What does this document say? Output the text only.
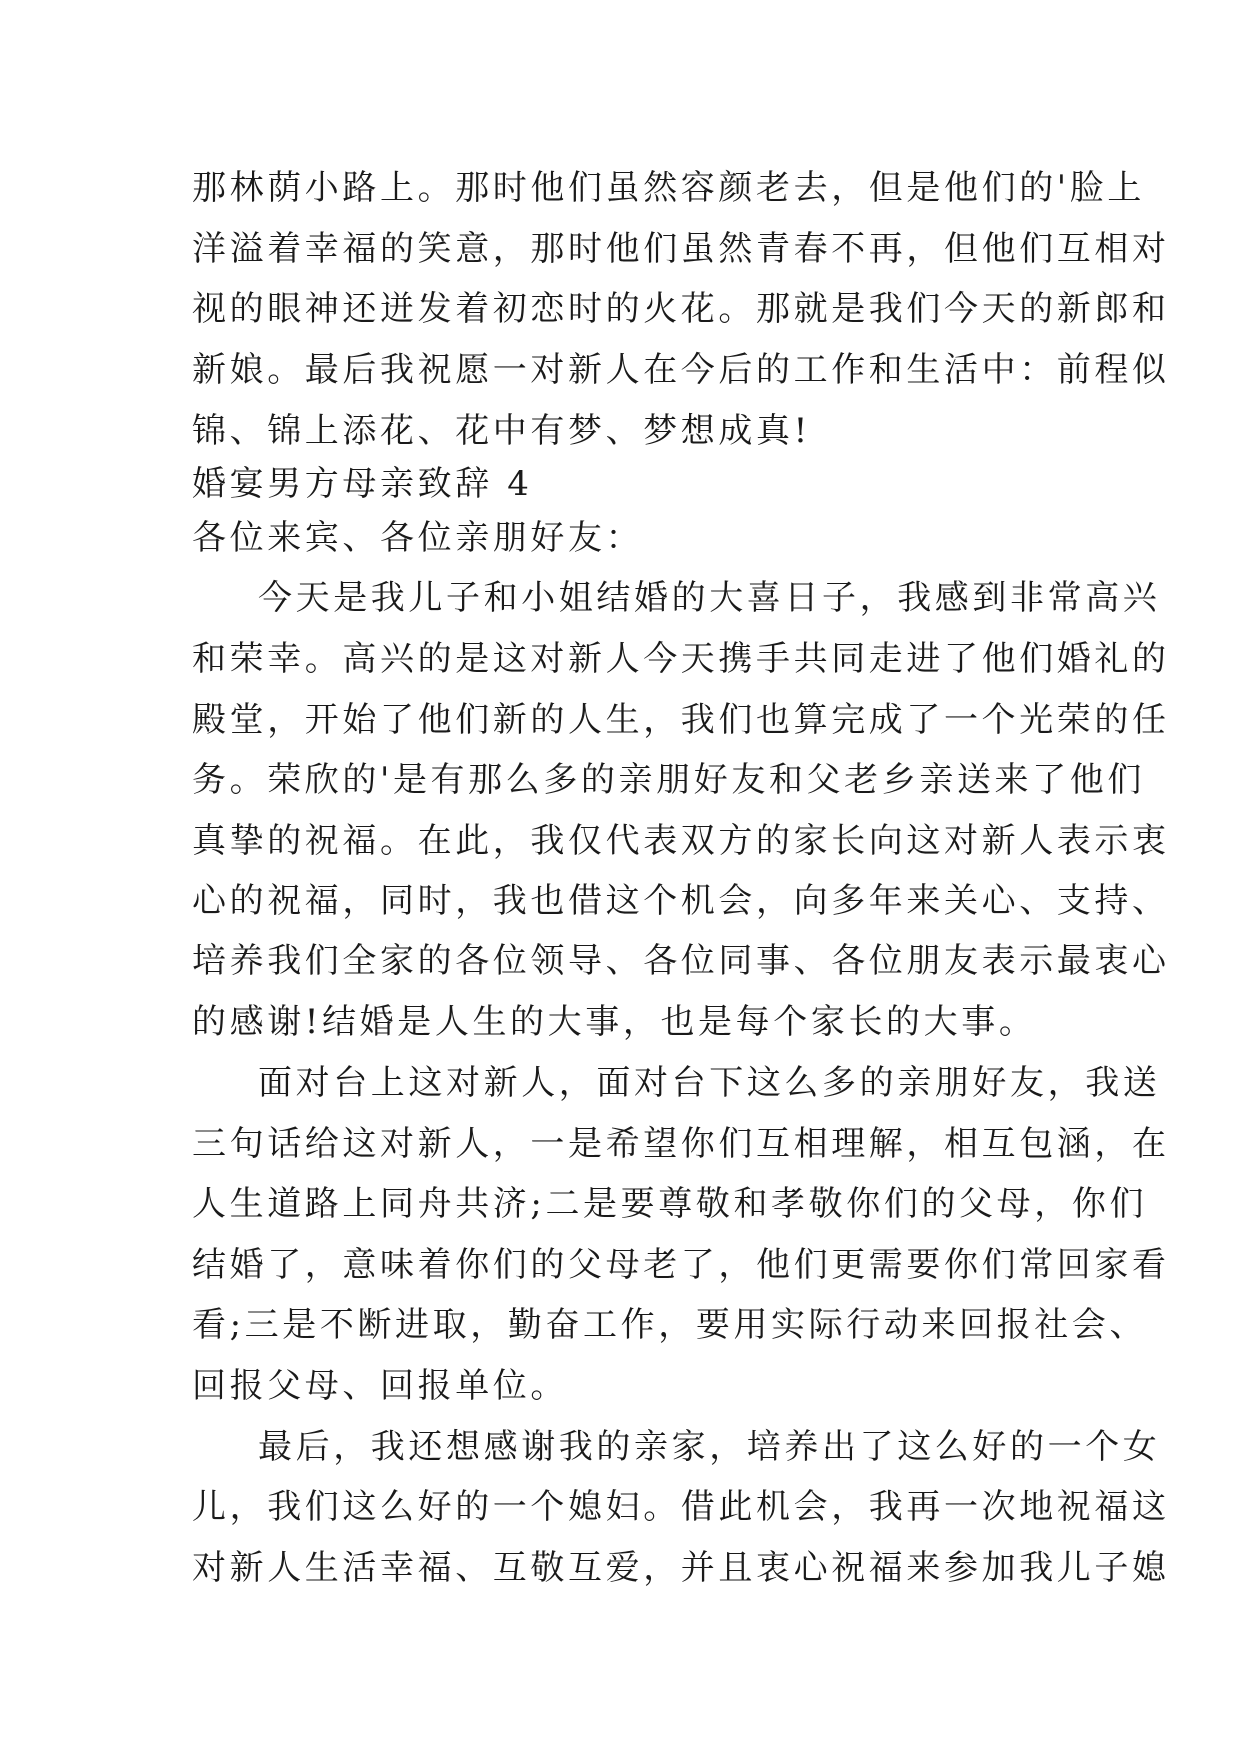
那林荫小路上。那时他们虽然容颜老去，但是他们的'脸上
洋溢着幸福的笑意，那时他们虽然青春不再，但他们互相对
视的眼神还迸发着初恋时的火花。那就是我们今天的新郎和
新娘。最后我祝愿一对新人在今后的工作和生活中：前程似
锦、锦上添花、花中有梦、梦想成真!
婚宴男方母亲致辞 4
各位来宾、各位亲朋好友：
今天是我儿子和小姐结婚的大喜日子，我感到非常高兴
和荣幸。高兴的是这对新人今天携手共同走进了他们婚礼的
殿堂，开始了他们新的人生，我们也算完成了一个光荣的任
务。荣欣的'是有那么多的亲朋好友和父老乡亲送来了他们
真挚的祝福。在此，我仅代表双方的家长向这对新人表示衷
心的祝福，同时，我也借这个机会，向多年来关心、支持、
培养我们全家的各位领导、各位同事、各位朋友表示最衷心
的感谢!结婚是人生的大事，也是每个家长的大事。
面对台上这对新人，面对台下这么多的亲朋好友，我送
三句话给这对新人，一是希望你们互相理解，相互包涵，在
人生道路上同舟共济;二是要尊敬和孝敬你们的父母，你们
结婚了，意味着你们的父母老了，他们更需要你们常回家看
看;三是不断进取，勤奋工作，要用实际行动来回报社会、
回报父母、回报单位。
最后，我还想感谢我的亲家，培养出了这么好的一个女
儿，我们这么好的一个媳妇。借此机会，我再一次地祝福这
对新人生活幸福、互敬互爱，并且衷心祝福来参加我儿子媳
